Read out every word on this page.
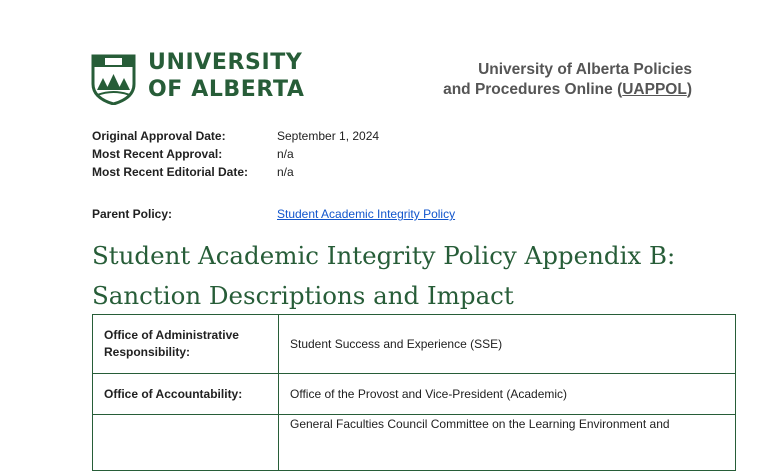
UNIVERSITY
OF ALBERTA
University of Alberta Policies
and Procedures Online (UAPPOL)
Original Approval Date:	September 1, 2024
Most Recent Approval:	n/a
Most Recent Editorial Date: n/a
Parent Policy:	Student Academic Integrity Policy
Student Academic Integrity Policy Appendix B:
Sanction Descriptions and Impact
Office of Administrative Responsibility:	Student Success and Experience (SSE)
Office of Accountability:	Office of the Provost and Vice-President (Academic)
	General Faculties Council Committee on the Learning Environment and
